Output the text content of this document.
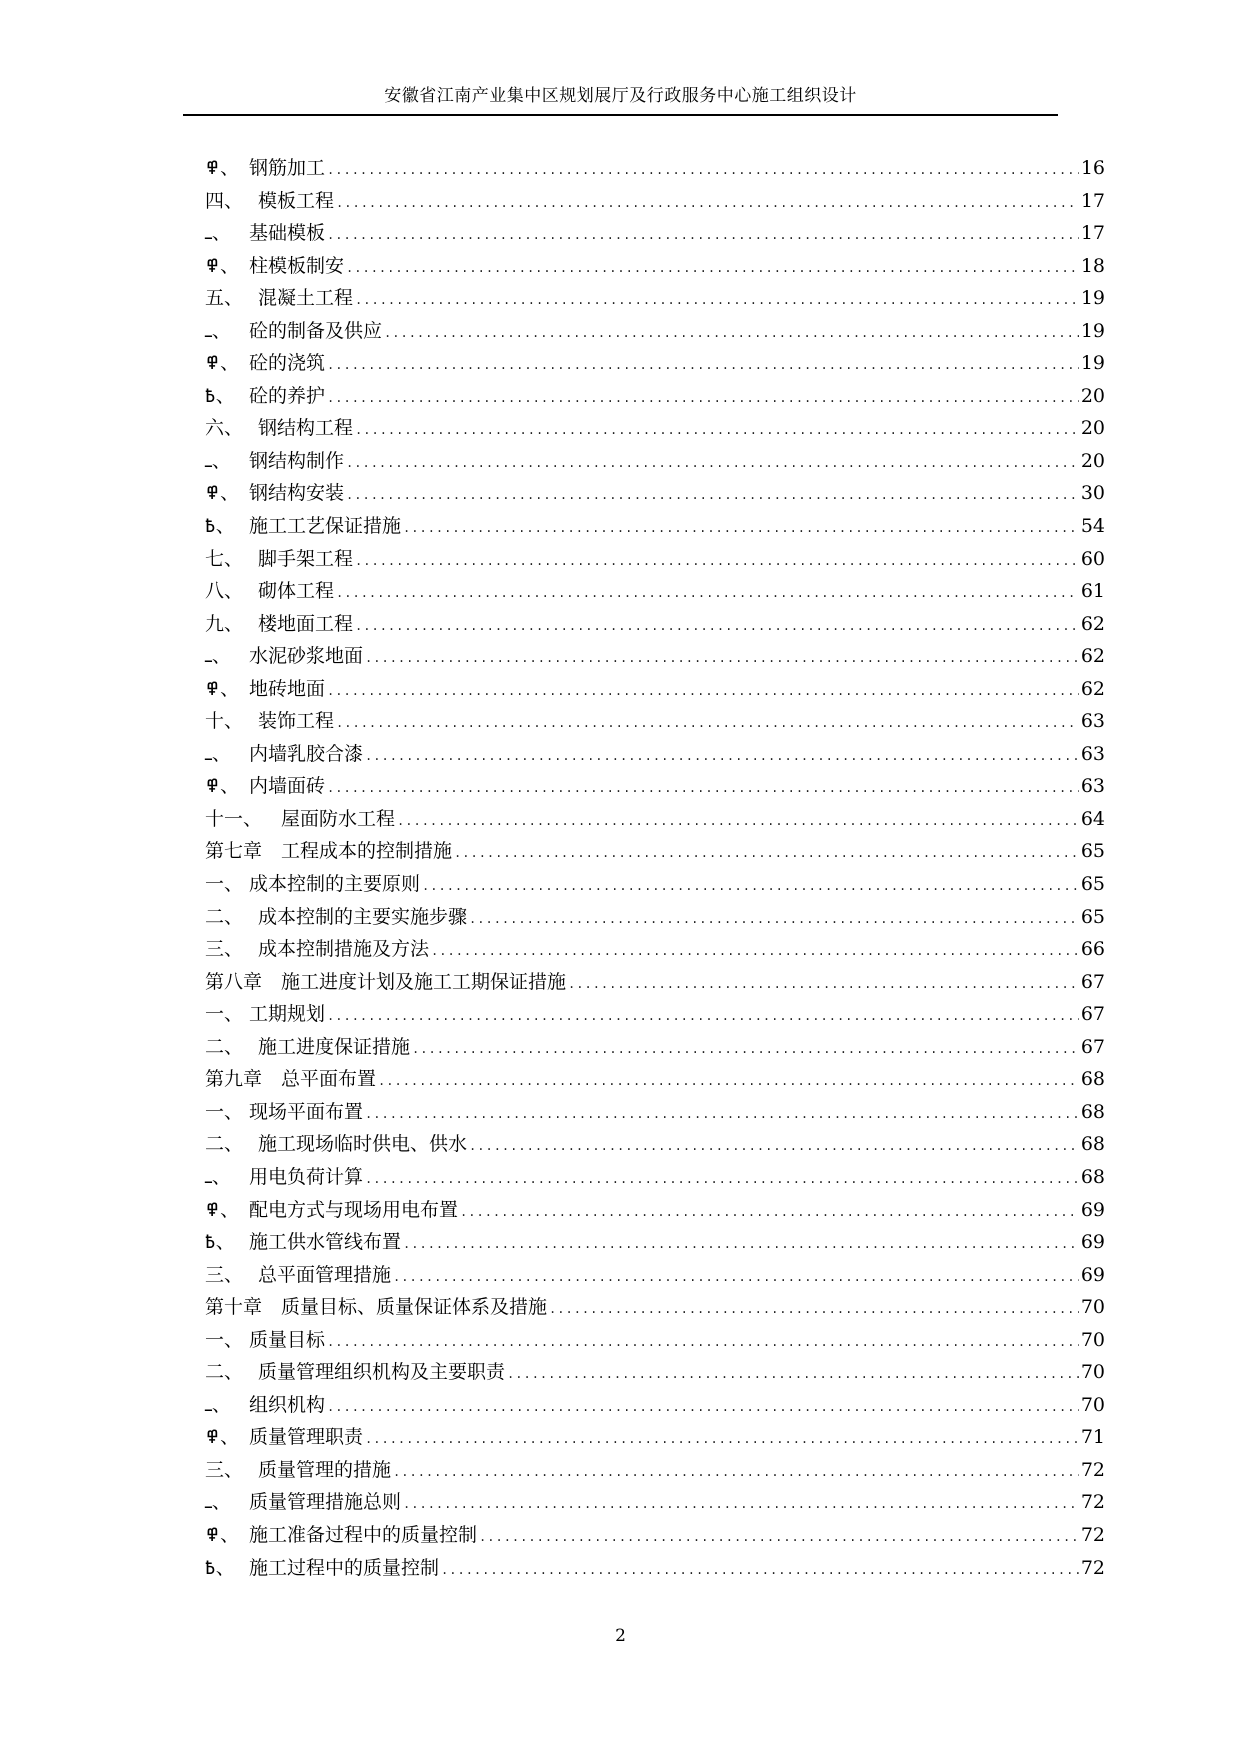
安徽省江南产业集中区规划展厅及行政服务中心施工组织设计
߾、 钢筋加工 .....	16
四、 模板工程 .....	17
ߺ、 基础模板 .....	17
߾、 柱模板制安 .....	18
五、 混凝土工程 .....	19
ߺ、 砼的制备及供应 .....	19
߾、 砼的浇筑 .....	19
߿、 砼的养护 .....	20
六、 钢结构工程 .....	20
ߺ、 钢结构制作 .....	20
߾、 钢结构安装 .....	30
߿、 施工工艺保证措施 .....	54
七、 脚手架工程 .....	60
八、 砌体工程 .....	61
九、 楼地面工程 .....	62
ߺ、 水泥砂浆地面 .....	62
߾、 地砖地面 .....	62
十、 装饰工程 .....	63
ߺ、 内墙乳胶合漆 .....	63
߾、 内墙面砖 .....	63
十一、 屋面防水工程 .....	64
第七章 工程成本的控制措施 .....	65
一、 成本控制的主要原则 .....	65
二、 成本控制的主要实施步骤 .....	65
三、 成本控制措施及方法 .....	66
第八章 施工进度计划及施工工期保证措施 .....	67
一、 工期规划 .....	67
二、 施工进度保证措施 .....	67
第九章 总平面布置 .....	68
一、 现场平面布置 .....	68
二、 施工现场临时供电、供水 .....	68
ߺ、 用电负荷计算 .....	68
߾、 配电方式与现场用电布置 .....	69
߿、 施工供水管线布置 .....	69
三、 总平面管理措施 .....	69
第十章 质量目标、质量保证体系及措施 .....	70
一、 质量目标 .....	70
二、 质量管理组织机构及主要职责 .....	70
ߺ、 组织机构 .....	70
߾、 质量管理职责 .....	71
三、 质量管理的措施 .....	72
ߺ、 质量管理措施总则 .....	72
߾、 施工准备过程中的质量控制 .....	72
߿、 施工过程中的质量控制 .....	72
2
